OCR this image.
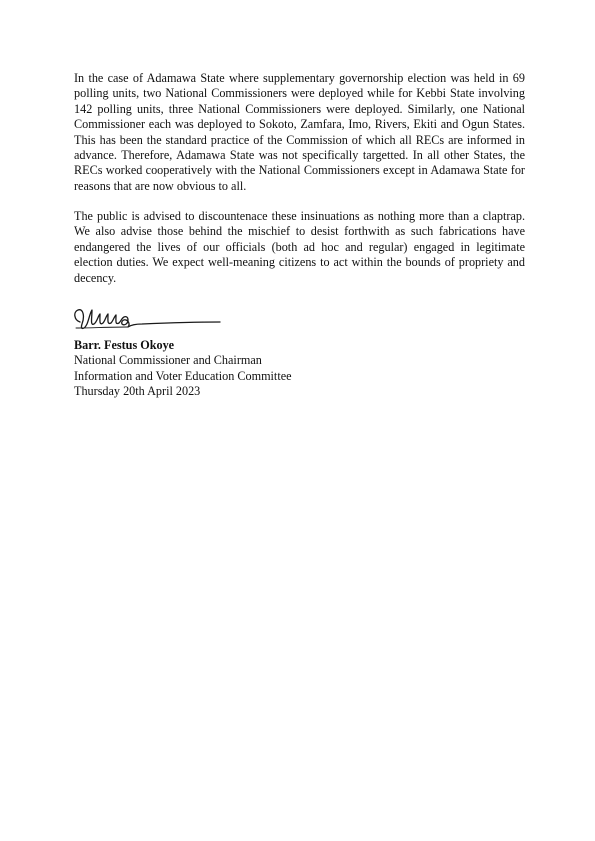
In the case of Adamawa State where supplementary governorship election was held in 69 polling units, two National Commissioners were deployed while for Kebbi State involving 142 polling units, three National Commissioners were deployed. Similarly, one National Commissioner each was deployed to Sokoto, Zamfara, Imo, Rivers, Ekiti and Ogun States. This has been the standard practice of the Commission of which all RECs are informed in advance. Therefore, Adamawa State was not specifically targetted. In all other States, the RECs worked cooperatively with the National Commissioners except in Adamawa State for reasons that are now obvious to all.

The public is advised to discountenace these insinuations as nothing more than a claptrap. We also advise those behind the mischief to desist forthwith as such fabrications have endangered the lives of our officials (both ad hoc and regular) engaged in legitimate election duties. We expect well-meaning citizens to act within the bounds of propriety and decency.

Barr. Festus Okoye
National Commissioner and Chairman
Information and Voter Education Committee
Thursday 20th April 2023
